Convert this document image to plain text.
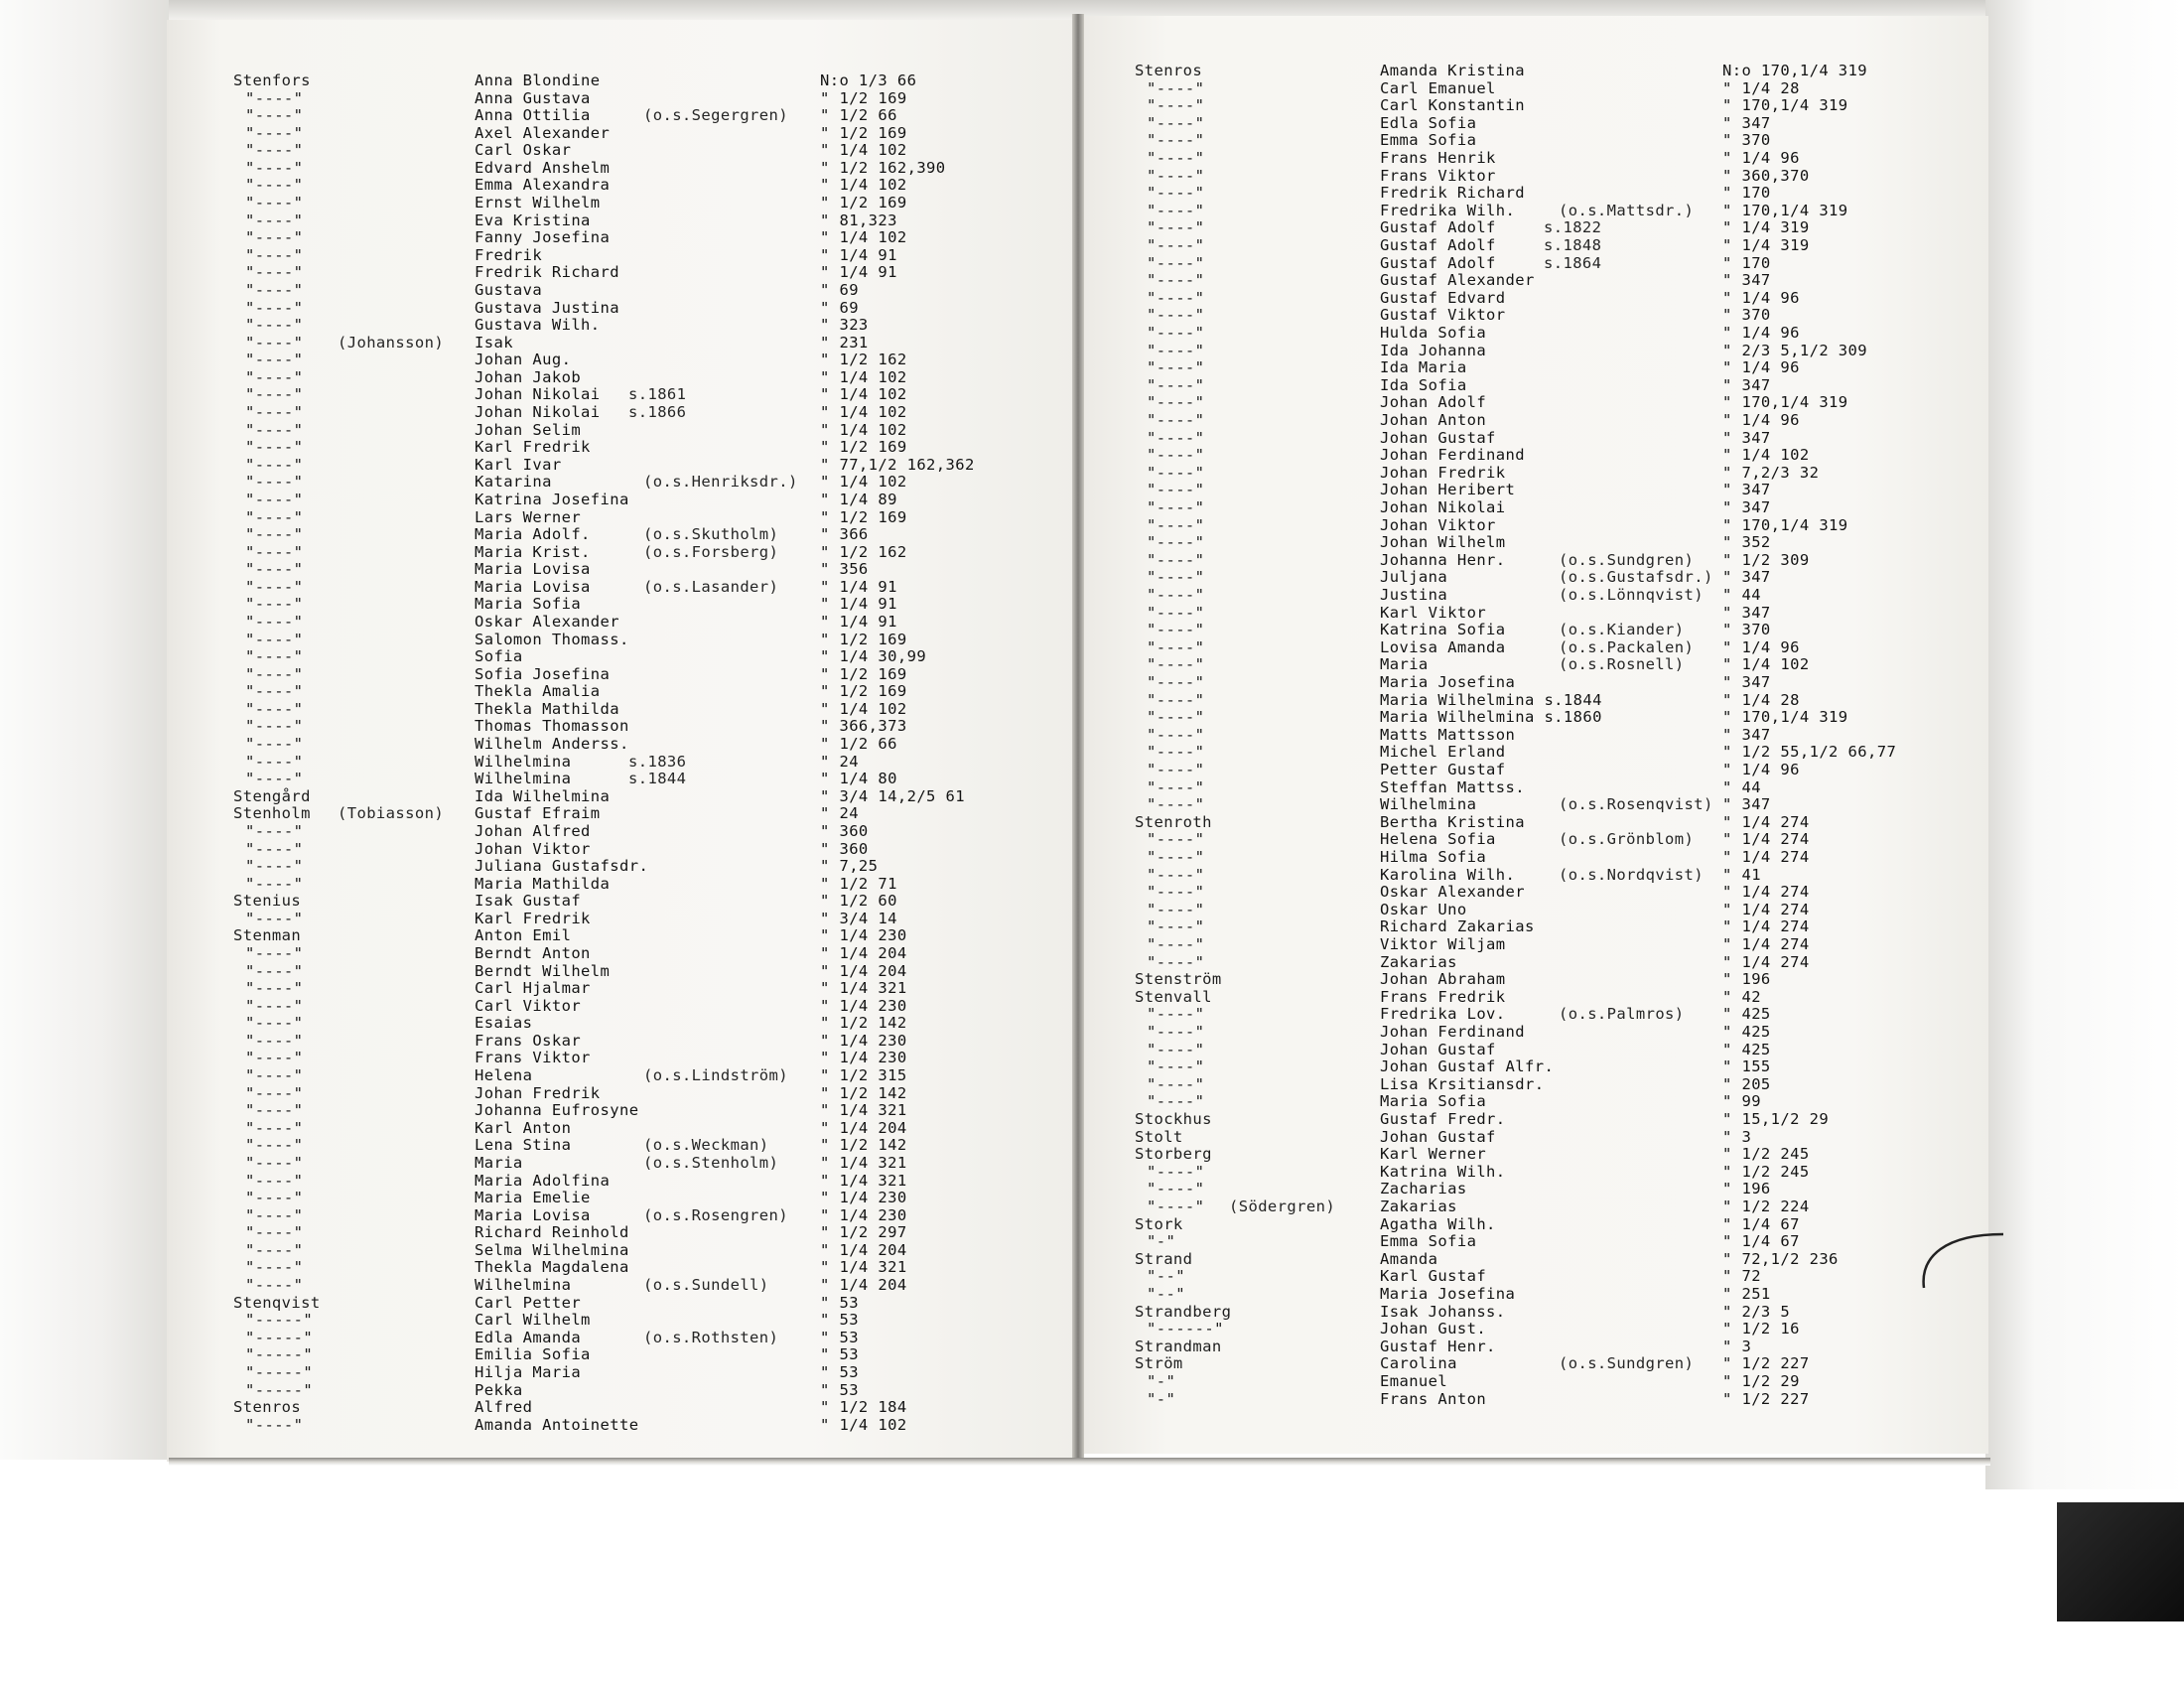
Stenfors	Anna Blondine	N:o 1/3 66
"----"	Anna Gustava	" 1/2 169
"----"	Anna Ottilia	(o.s.Segergren) " 1/2 66
"----"	Axel Alexander	" 1/2 169
"----"	Carl Oskar	" 1/4 102
"----"	Edvard Anshelm	" 1/2 162,390
"----"	Emma Alexandra	" 1/4 102
"----"	Ernst Wilhelm	" 1/2 169
"----"	Eva Kristina	" 81,323
"----"	Fanny Josefina	" 1/4 102
"----"	Fredrik	" 1/4 91
"----"	Fredrik Richard	" 1/4 91
"----"	Gustava	" 69
"----"	Gustava Justina	" 69
"----"	Gustava Wilh.	" 323
"----" (Johansson) Isak	" 231
"----"	Johan Aug.	" 1/2 162
"----"	Johan Jakob	" 1/4 102
"----"	Johan Nikolai s.1861	" 1/4 102
"----"	Johan Nikolai s.1866	" 1/4 102
"----"	Johan Selim	" 1/4 102
"----"	Karl Fredrik	" 1/2 169
"----"	Karl Ivar	" 77,1/2 162,362
"----"	Katarina	(o.s.Henriksdr.) " 1/4 102
"----"	Katrina Josefina	" 1/4 89
"----"	Lars Werner	" 1/2 169
"----"	Maria Adolf.	(o.s.Skutholm)	" 366
"----"	Maria Krist.	(o.s.Forsberg)	" 1/2 162
"----"	Maria Lovisa	" 356
"----"	Maria Lovisa	(o.s.Lasander)	" 1/4 91
"----"	Maria Sofia	" 1/4 91
"----"	Oskar Alexander	" 1/4 91
"----"	Salomon Thomass.	" 1/2 169
"----"	Sofia	" 1/4 30,99
"----"	Sofia Josefina	" 1/2 169
"----"	Thekla Amalia	" 1/2 169
"----"	Thekla Mathilda	" 1/4 102
"----"	Thomas Thomasson	" 366,373
"----"	Wilhelm Anderss.	" 1/2 66
"----"	Wilhelmina	s.1836	" 24
"----"	Wilhelmina	s.1844	" 1/4 80
Stengård	Ida Wilhelmina	" 3/4 14,2/5 61
Stenholm (Tobiasson) Gustaf Efraim	" 24
"----"	Johan Alfred	" 360
"----"	Johan Viktor	" 360
"----"	Juliana Gustafsdr.	" 7,25
"----"	Maria Mathilda	" 1/2 71
Stenius	Isak Gustaf	" 1/2 60
"----"	Karl Fredrik	" 3/4 14
Stenman	Anton Emil	" 1/4 230
"----"	Berndt Anton	" 1/4 204
"----"	Berndt Wilhelm	" 1/4 204
"----"	Carl Hjalmar	" 1/4 321
"----"	Carl Viktor	" 1/4 230
"----"	Esaias	" 1/2 142
"----"	Frans Oskar	" 1/4 230
"----"	Frans Viktor	" 1/4 230
"----"	Helena	(o.s.Lindström) " 1/2 315
"----"	Johan Fredrik	" 1/2 142
"----"	Johanna Eufrosyne	" 1/4 321
"----"	Karl Anton	" 1/4 204
"----"	Lena Stina	(o.s.Weckman)	" 1/2 142
"----"	Maria	(o.s.Stenholm)	" 1/4 321
"----"	Maria Adolfina	" 1/4 321
"----"	Maria Emelie	" 1/4 230
"----"	Maria Lovisa	(o.s.Rosengren) " 1/4 230
"----"	Richard Reinhold	" 1/2 297
"----"	Selma Wilhelmina	" 1/4 204
"----"	Thekla Magdalena	" 1/4 321
"----"	Wilhelmina	(o.s.Sundell)	" 1/4 204
Stenqvist	Carl Petter	" 53
"-----"	Carl Wilhelm	" 53
"-----"	Edla Amanda	(o.s.Rothsten)	" 53
"-----"	Emilia Sofia	" 53
"-----"	Hilja Maria	" 53
"-----"	Pekka	" 53
Stenros	Alfred	" 1/2 184
"----"	Amanda Antoinette	" 1/4 102
Stenros	Amanda Kristina	N:o 170,1/4 319
"----"	Carl Emanuel	" 1/4 28
"----"	Carl Konstantin	" 170,1/4 319
"----"	Edla Sofia	" 347
"----"	Emma Sofia	" 370
"----"	Frans Henrik	" 1/4 96
"----"	Frans Viktor	" 360,370
"----"	Fredrik Richard	" 170
"----"	Fredrika Wilh.	(o.s.Mattsdr.) " 170,1/4 319
"----"	Gustaf Adolf	s.1822	" 1/4 319
"----"	Gustaf Adolf	s.1848	" 1/4 319
"----"	Gustaf Adolf	s.1864	" 170
"----"	Gustaf Alexander	" 347
"----"	Gustaf Edvard	" 1/4 96
"----"	Gustaf Viktor	" 370
"----"	Hulda Sofia	" 1/4 96
"----"	Ida Johanna	" 2/3 5,1/2 309
"----"	Ida Maria	" 1/4 96
"----"	Ida Sofia	" 347
"----"	Johan Adolf	" 170,1/4 319
"----"	Johan Anton	" 1/4 96
"----"	Johan Gustaf	" 347
"----"	Johan Ferdinand	" 1/4 102
"----"	Johan Fredrik	" 7,2/3 32
"----"	Johan Heribert	" 347
"----"	Johan Nikolai	" 347
"----"	Johan Viktor	" 170,1/4 319
"----"	Johan Wilhelm	" 352
"----"	Johanna Henr.	(o.s.Sundgren) " 1/2 309
"----"	Juljana	(o.s.Gustafsdr.) " 347
"----"	Justina	(o.s.Lönnqvist) " 44
"----"	Karl Viktor	" 347
"----"	Katrina Sofia	(o.s.Kiander) " 370
"----"	Lovisa Amanda	(o.s.Packalen) " 1/4 96
"----"	Maria	(o.s.Rosnell) " 1/4 102
"----"	Maria Josefina	" 347
"----"	Maria Wilhelmina s.1844	" 1/4 28
"----"	Maria Wilhelmina s.1860	" 170,1/4 319
"----"	Matts Mattsson	" 347
"----"	Michel Erland	" 1/2 55,1/2 66,77
"----"	Petter Gustaf	" 1/4 96
"----"	Steffan Mattss.	" 44
"----"	Wilhelmina	(o.s.Rosenqvist) " 347
Stenroth	Bertha Kristina	" 1/4 274
"----"	Helena Sofia	(o.s.Grönblom) " 1/4 274
"----"	Hilma Sofia	" 1/4 274
"----"	Karolina Wilh.	(o.s.Nordqvist) " 41
"----"	Oskar Alexander	" 1/4 274
"----"	Oskar Uno	" 1/4 274
"----"	Richard Zakarias	" 1/4 274
"----"	Viktor Wiljam	" 1/4 274
"----"	Zakarias	" 1/4 274
Stenström	Johan Abraham	" 196
Stenvall	Frans Fredrik	" 42
"----"	Fredrika Lov.	(o.s.Palmros) " 425
"----"	Johan Ferdinand	" 425
"----"	Johan Gustaf	" 425
"----"	Johan Gustaf Alfr.	" 155
"----"	Lisa Krsitiansdr.	" 205
"----"	Maria Sofia	" 99
Stockhus	Gustaf Fredr.	" 15,1/2 29
Stolt	Johan Gustaf	" 3
Storberg	Karl Werner	" 1/2 245
"----"	Katrina Wilh.	" 1/2 245
"----"	Zacharias	" 196
"----" (Södergren)	Zakarias	" 1/2 224
Stork	Agatha Wilh.	" 1/4 67
"-"	Emma Sofia	" 1/4 67
Strand	Amanda	" 72,1/2 236
"--"	Karl Gustaf	" 72
"--"	Maria Josefina	" 251
Strandberg	Isak Johanss.	" 2/3 5
"------"	Johan Gust.	" 1/2 16
Strandman	Gustaf Henr.	" 3
Ström	Carolina	(o.s.Sundgren) " 1/2 227
"-"	Emanuel	" 1/2 29
"-"	Frans Anton	" 1/2 227
